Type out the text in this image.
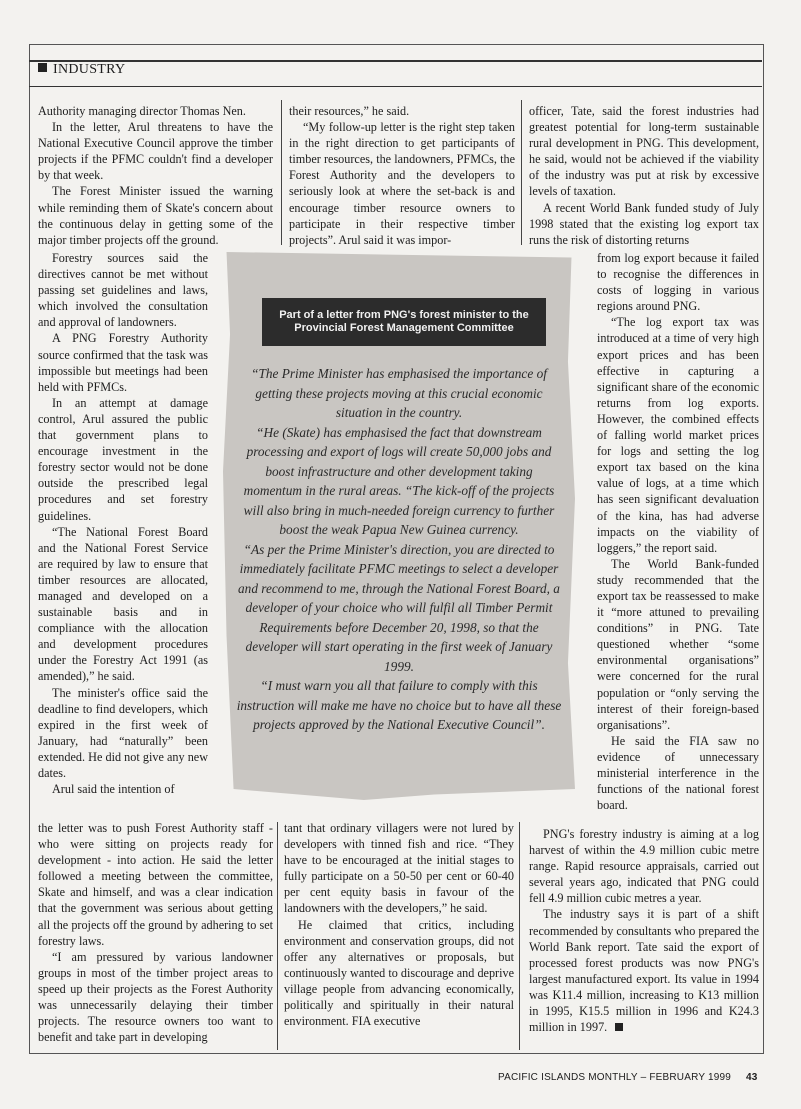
INDUSTRY

Authority managing director Thomas Nen.

In the letter, Arul threatens to have the National Executive Council approve the timber projects if the PFMC couldn't find a developer by that week.

The Forest Minister issued the warning while reminding them of Skate's concern about the continuous delay in getting some of the major timber projects off the ground.

Forestry sources said the directives cannot be met without passing set guidelines and laws, which involved the consultation and approval of landowners.

A PNG Forestry Authority source confirmed that the task was impossible but meetings had been held with PFMCs.

In an attempt at damage control, Arul assured the public that government plans to encourage investment in the forestry sector would not be done outside the prescribed legal procedures and set forestry guidelines.

“The National Forest Board and the National Forest Service are required by law to ensure that timber resources are allocated, managed and developed on a sustainable basis and in compliance with the allocation and development procedures under the Forestry Act 1991 (as amended),” he said.

The minister's office said the deadline to find developers, which expired in the first week of January, had “naturally” been extended. He did not give any new dates.

Arul said the intention of

the letter was to push Forest Authority staff - who were sitting on projects ready for development - into action. He said the letter followed a meeting between the committee, Skate and himself, and was a clear indication that the government was serious about getting all the projects off the ground by adhering to set forestry laws.

“I am pressured by various landowner groups in most of the timber project areas to speed up their projects as the Forest Authority was unnecessarily delaying their timber projects. The resource owners too want to benefit and take part in developing

their resources,” he said.

“My follow-up letter is the right step taken in the right direction to get participants of timber resources, the landowners, PFMCs, the Forest Authority and the developers to seriously look at where the set-back is and encourage timber resource owners to participate in their respective timber projects”. Arul said it was impor-

tant that ordinary villagers were not lured by developers with tinned fish and rice. “They have to be encouraged at the initial stages to fully participate on a 50-50 per cent or 60-40 per cent equity basis in favour of the landowners with the developers,” he said.

He claimed that critics, including environment and conservation groups, did not offer any alternatives or proposals, but continuously wanted to discourage and deprive village people from advancing economically, politically and spiritually in their natural environment. FIA executive

officer, Tate, said the forest industries had greatest potential for long-term sustainable rural development in PNG. This development, he said, would not be achieved if the viability of the industry was put at risk by excessive levels of taxation.

A recent World Bank funded study of July 1998 stated that the existing log export tax runs the risk of distorting returns

from log export because it failed to recognise the differences in costs of logging in various regions around PNG.

“The log export tax was introduced at a time of very high export prices and has been effective in capturing a significant share of the economic returns from log exports. However, the combined effects of falling world market prices for logs and setting the log export tax based on the kina value of logs, at a time which has seen significant devaluation of the kina, has had adverse impacts on the viability of loggers,” the report said.

The World Bank-funded study recommended that the export tax be reassessed to make it “more attuned to prevailing conditions” in PNG. Tate questioned whether “some environmental organisations” were concerned for the rural population or “only serving the interest of their foreign-based organisations”.

He said the FIA saw no evidence of unnecessary ministerial interference in the functions of the national forest board.

PNG's forestry industry is aiming at a log harvest of within the 4.9 million cubic metre range. Rapid resource appraisals, carried out several years ago, indicated that PNG could fell 4.9 million cubic metres a year.

The industry says it is part of a shift recommended by consultants who prepared the World Bank report. Tate said the export of processed forest products was now PNG's largest manufactured export. Its value in 1994 was K11.4 million, increasing to K13 million in 1995, K15.5 million in 1996 and K24.3 million in 1997.

Part of a letter from PNG's forest minister to the Provincial Forest Management Committee

“The Prime Minister has emphasised the importance of getting these projects moving at this crucial economic situation in the country.

“He (Skate) has emphasised the fact that downstream processing and export of logs will create 50,000 jobs and boost infrastructure and other development taking momentum in the rural areas. “The kick-off of the projects will also bring in much-needed foreign currency to further boost the weak Papua New Guinea currency.

“As per the Prime Minister's direction, you are directed to immediately facilitate PFMC meetings to select a developer and recommend to me, through the National Forest Board, a developer of your choice who will fulfil all Timber Permit Requirements before December 20, 1998, so that the developer will start operating in the first week of January 1999.

“I must warn you all that failure to comply with this instruction will make me have no choice but to have all these projects approved by the National Executive Council”.

PACIFIC ISLANDS MONTHLY – FEBRUARY 1999 43
